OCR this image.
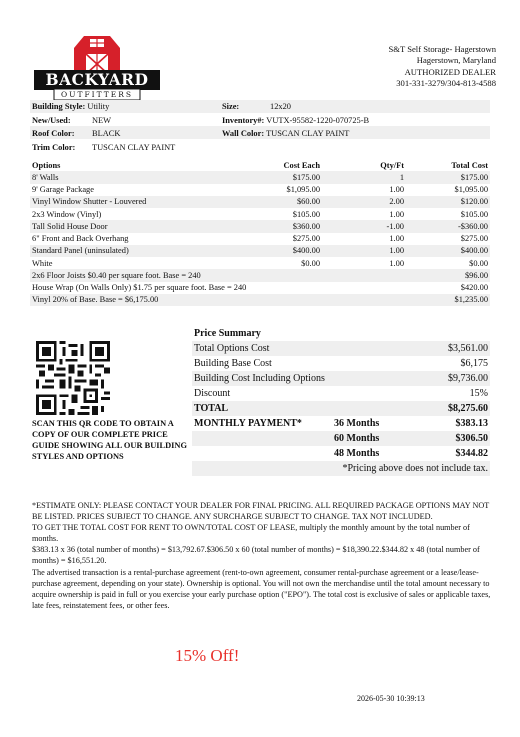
BACKYARD
OUTFITTERS
S&T Self Storage- Hagerstown
Hagerstown, Maryland
AUTHORIZED DEALER
301-331-3279/304-813-4588
Building Style: Utility	Size:	12x20
New/Used:	NEW	Inventory#: VUTX-95582-1220-070725-B
Roof Color: BLACK	Wall Color: TUSCAN CLAY PAINT
Trim Color: TUSCAN CLAY PAINT
Options	Cost Each	Qty/Ft	Total Cost
8' Walls	$175.00	1	$175.00
9' Garage Package	$1,095.00	1.00	$1,095.00
Vinyl Window Shutter - Louvered	$60.00	2.00	$120.00
2x3 Window (Vinyl)	$105.00	1.00	$105.00
Tall Solid House Door	$360.00	-1.00	-$360.00
6" Front and Back Overhang	$275.00	1.00	$275.00
Standard Panel (uninsulated)	$400.00	1.00	$400.00
White	$0.00	1.00	$0.00
2x6 Floor Joists $0.40 per square foot. Base = 240			$96.00
House Wrap (On Walls Only) $1.75 per square foot. Base = 240			$420.00
Vinyl 20% of Base. Base = $6,175.00			$1,235.00
SCAN THIS QR CODE TO OBTAIN A COPY OF OUR COMPLETE PRICE GUIDE SHOWING ALL OUR BUILDING STYLES AND OPTIONS
Price Summary
Total Options Cost	$3,561.00
Building Base Cost	$6,175
Building Cost Including Options	$9,736.00
Discount	15%
TOTAL	$8,275.60
MONTHLY PAYMENT*	36 Months	$383.13
60 Months	$306.50
48 Months	$344.82
*Pricing above does not include tax.

*ESTIMATE ONLY: PLEASE CONTACT YOUR DEALER FOR FINAL PRICING. ALL REQUIRED PACKAGE OPTIONS MAY NOT BE LISTED. PRICES SUBJECT TO CHANGE. ANY SURCHARGE SUBJECT TO CHANGE. TAX NOT INCLUDED.

TO GET THE TOTAL COST FOR RENT TO OWN/TOTAL COST OF LEASE, multiply the monthly amount by the total number of months.

$383.13 x 36 (total number of months) = $13,792.67.$306.50 x 60 (total number of months) = $18,390.22.$344.82 x 48 (total number of months) = $16,551.20.

The advertised transaction is a rental-purchase agreement (rent-to-own agreement, consumer rental-purchase agreement or a lease/lease-purchase agreement, depending on your state). Ownership is optional. You will not own the merchandise until the total amount necessary to acquire ownership is paid in full or you exercise your early purchase option ("EPO"). The total cost is exclusive of sales or applicable taxes, late fees, reinstatement fees, or other fees.

15% Off!
2026-05-30 10:39:13
